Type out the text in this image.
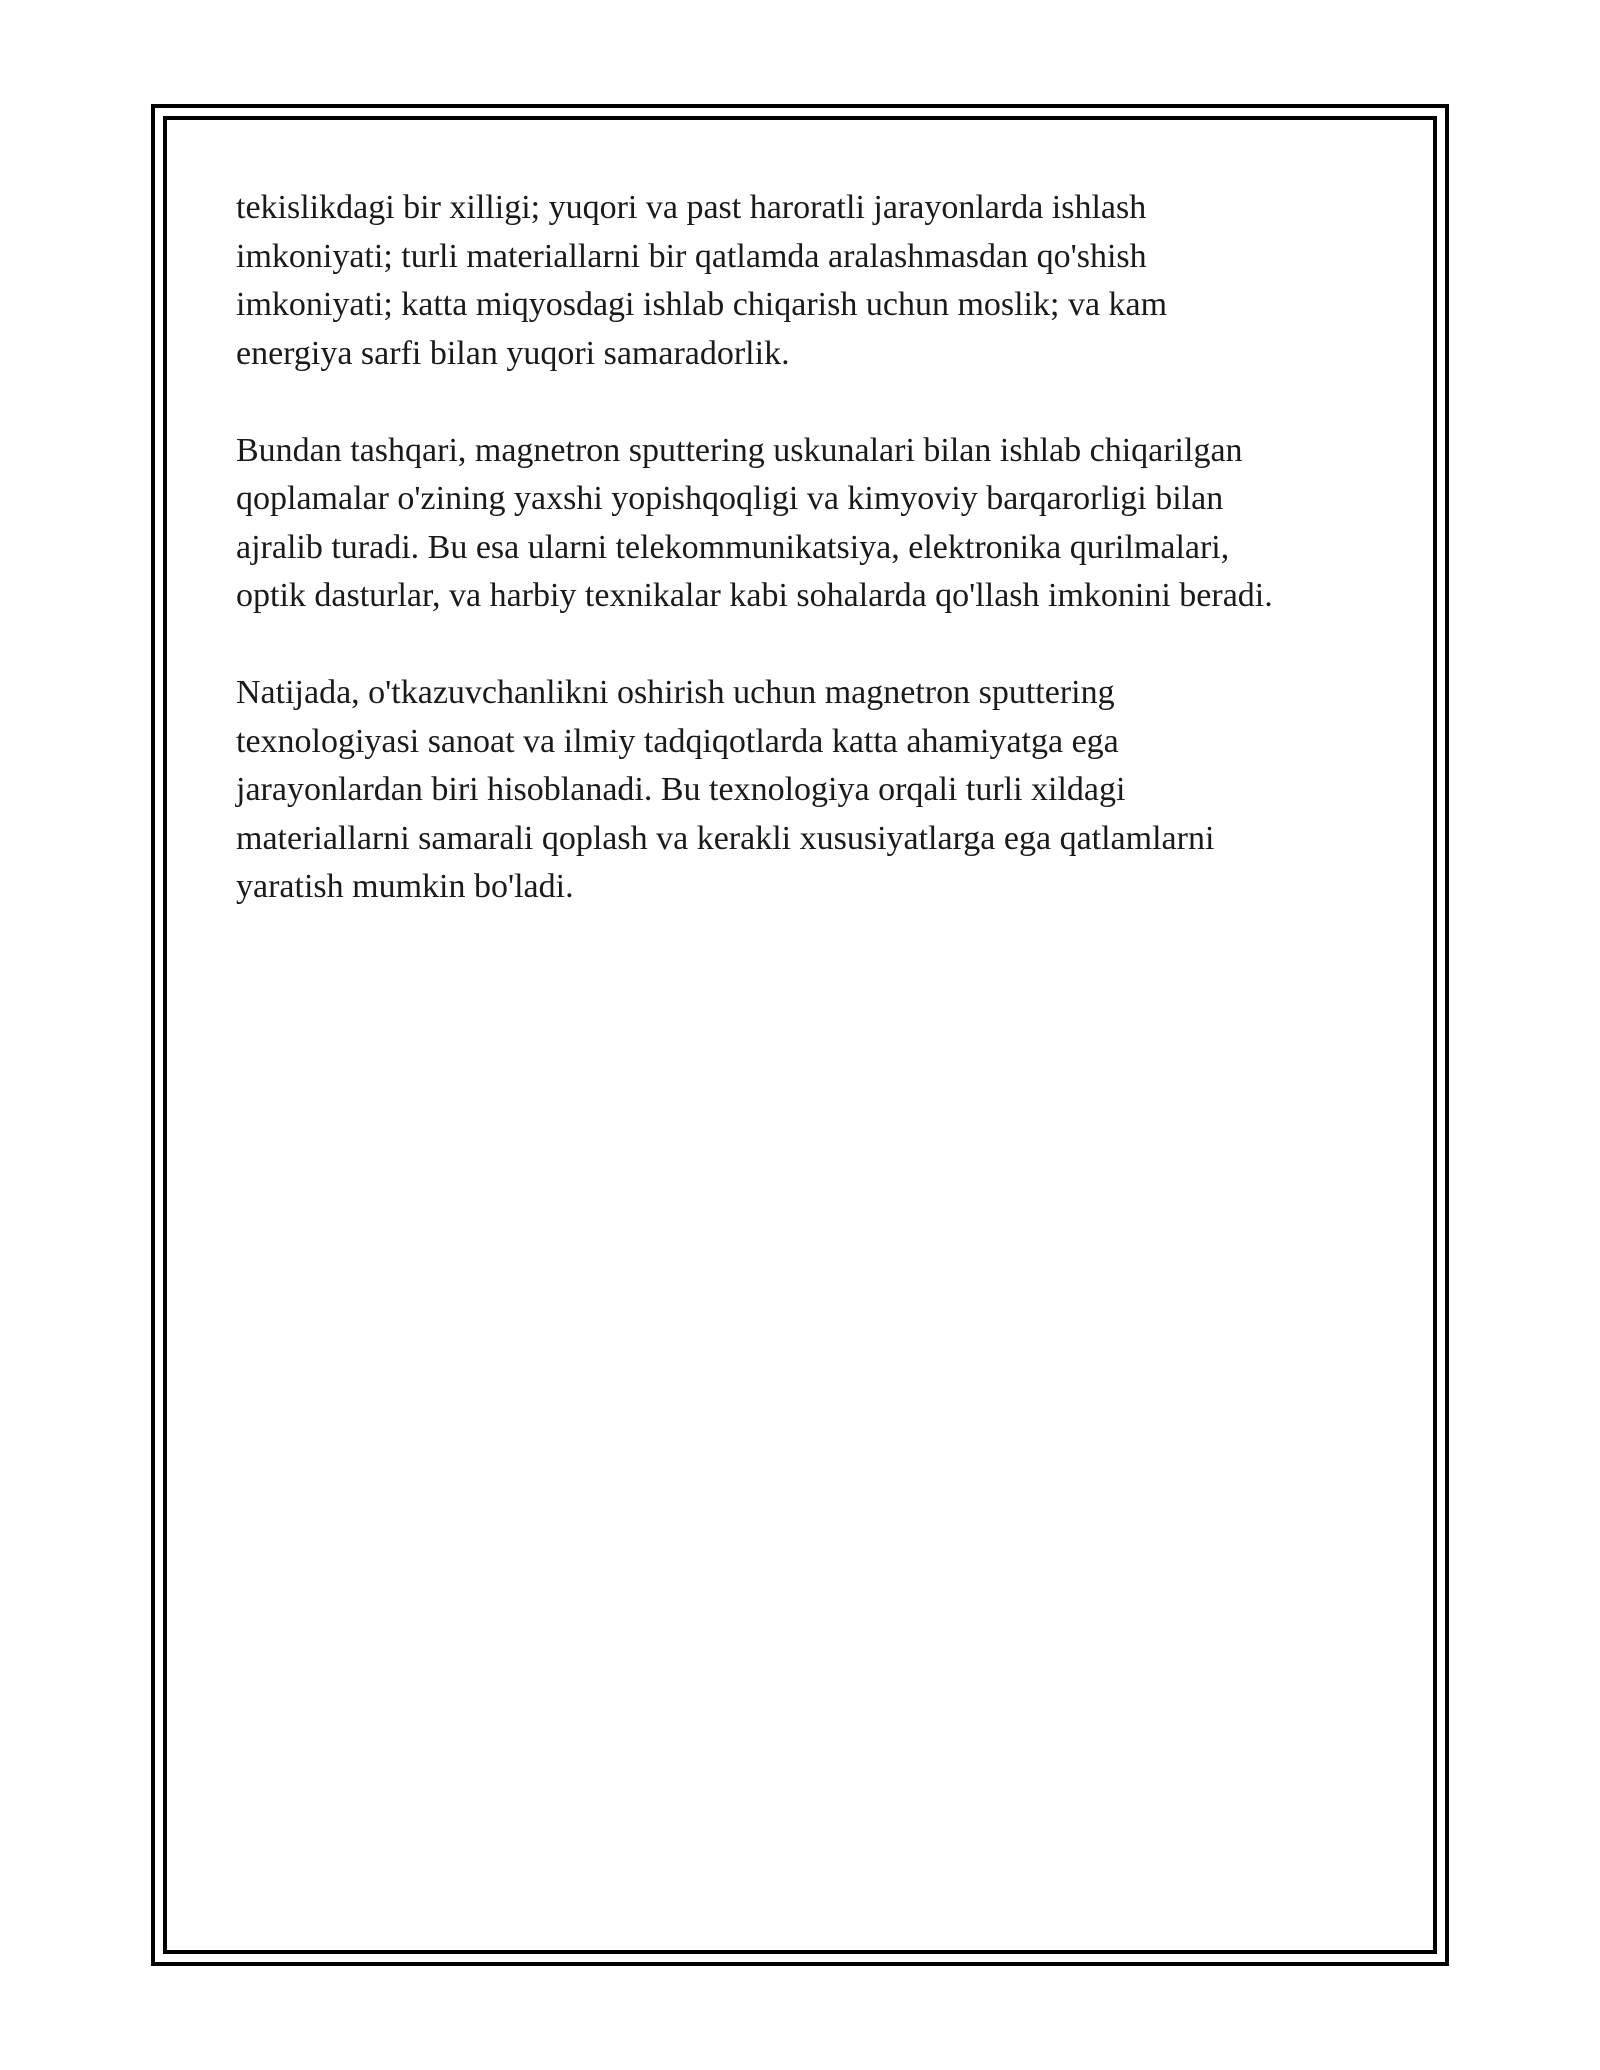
tekislikdagi bir xilligi; yuqori va past haroratli jarayonlarda ishlash
imkoniyati; turli materiallarni bir qatlamda aralashmasdan qo'shish
imkoniyati; katta miqyosdagi ishlab chiqarish uchun moslik; va kam
energiya sarfi bilan yuqori samaradorlik.

Bundan tashqari, magnetron sputtering uskunalari bilan ishlab chiqarilgan
qoplamalar o'zining yaxshi yopishqoqligi va kimyoviy barqarorligi bilan
ajralib turadi. Bu esa ularni telekommunikatsiya, elektronika qurilmalari,
optik dasturlar, va harbiy texnikalar kabi sohalarda qo'llash imkonini beradi.

Natijada, o'tkazuvchanlikni oshirish uchun magnetron sputtering
texnologiyasi sanoat va ilmiy tadqiqotlarda katta ahamiyatga ega
jarayonlardan biri hisoblanadi. Bu texnologiya orqali turli xildagi
materiallarni samarali qoplash va kerakli xususiyatlarga ega qatlamlarni
yaratish mumkin bo'ladi.
